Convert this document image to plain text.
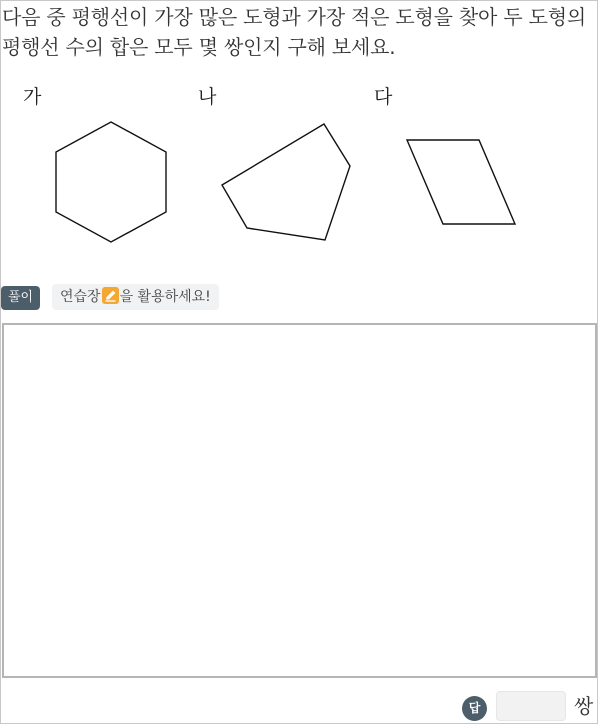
다음 중 평행선이 가장 많은 도형과 가장 적은 도형을 찾아 두 도형의 평행선 수의 합은 모두 몇 쌍인지 구해 보세요.
가	나	다
풀이	연습장 을 활용하세요!
답	쌍
